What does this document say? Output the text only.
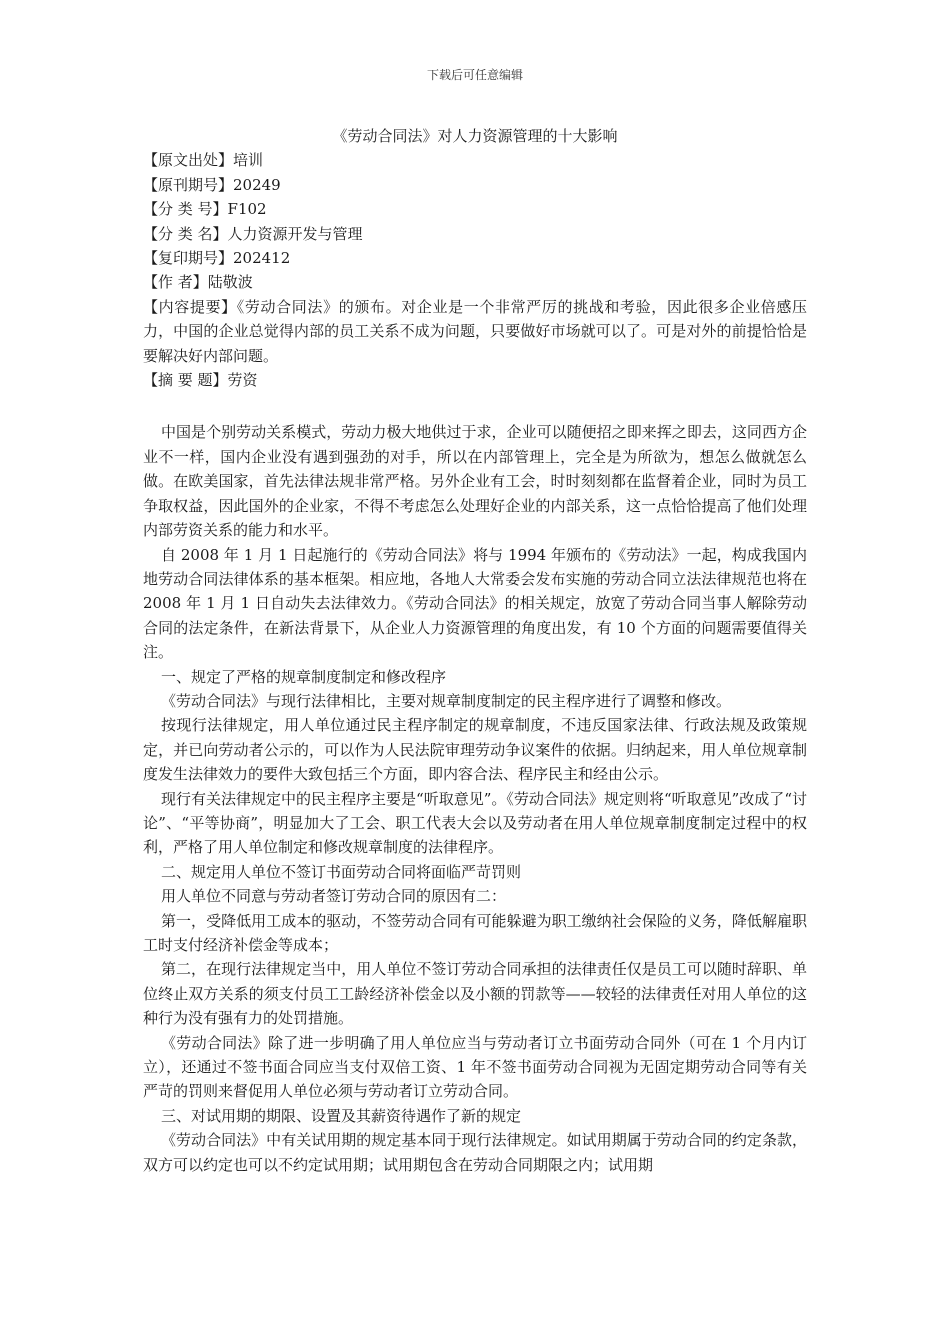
下载后可任意编辑

《劳动合同法》对人力资源管理的十大影响

【原文出处】培训

【原刊期号】20249

【分 类 号】F102

【分 类 名】人力资源开发与管理

【复印期号】202412

【作 者】陆敬波

【内容提要】《劳动合同法》的颁布。对企业是一个非常严厉的挑战和考验，因此很多企业倍感压力，中国的企业总觉得内部的员工关系不成为问题，只要做好市场就可以了。可是对外的前提恰恰是要解决好内部问题。

【摘 要 题】劳资

中国是个别劳动关系模式，劳动力极大地供过于求，企业可以随便招之即来挥之即去，这同西方企业不一样，国内企业没有遇到强劲的对手，所以在内部管理上，完全是为所欲为，想怎么做就怎么做。在欧美国家，首先法律法规非常严格。另外企业有工会，时时刻刻都在监督着企业，同时为员工争取权益，因此国外的企业家，不得不考虑怎么处理好企业的内部关系，这一点恰恰提高了他们处理内部劳资关系的能力和水平。

自 2008 年 1 月 1 日起施行的《劳动合同法》将与 1994 年颁布的《劳动法》一起，构成我国内地劳动合同法律体系的基本框架。相应地，各地人大常委会发布实施的劳动合同立法法律规范也将在 2008 年 1 月 1 日自动失去法律效力。《劳动合同法》的相关规定，放宽了劳动合同当事人解除劳动合同的法定条件，在新法背景下，从企业人力资源管理的角度出发，有 10 个方面的问题需要值得关注。

一、规定了严格的规章制度制定和修改程序

《劳动合同法》与现行法律相比，主要对规章制度制定的民主程序进行了调整和修改。

按现行法律规定，用人单位通过民主程序制定的规章制度，不违反国家法律、行政法规及政策规定，并已向劳动者公示的，可以作为人民法院审理劳动争议案件的依据。归纳起来，用人单位规章制度发生法律效力的要件大致包括三个方面，即内容合法、程序民主和经由公示。

现行有关法律规定中的民主程序主要是“听取意见”。《劳动合同法》规定则将“听取意见”改成了“讨论”、“平等协商”，明显加大了工会、职工代表大会以及劳动者在用人单位规章制度制定过程中的权利，严格了用人单位制定和修改规章制度的法律程序。

二、规定用人单位不签订书面劳动合同将面临严苛罚则

用人单位不同意与劳动者签订劳动合同的原因有二：

第一，受降低用工成本的驱动，不签劳动合同有可能躲避为职工缴纳社会保险的义务，降低解雇职工时支付经济补偿金等成本；

第二，在现行法律规定当中，用人单位不签订劳动合同承担的法律责任仅是员工可以随时辞职、单位终止双方关系的须支付员工工龄经济补偿金以及小额的罚款等——较轻的法律责任对用人单位的这种行为没有强有力的处罚措施。

《劳动合同法》除了进一步明确了用人单位应当与劳动者订立书面劳动合同外（可在 1 个月内订立），还通过不签书面合同应当支付双倍工资、1 年不签书面劳动合同视为无固定期劳动合同等有关严苛的罚则来督促用人单位必须与劳动者订立劳动合同。

三、对试用期的期限、设置及其薪资待遇作了新的规定

《劳动合同法》中有关试用期的规定基本同于现行法律规定。如试用期属于劳动合同的约定条款，双方可以约定也可以不约定试用期；试用期包含在劳动合同期限之内；试用期
